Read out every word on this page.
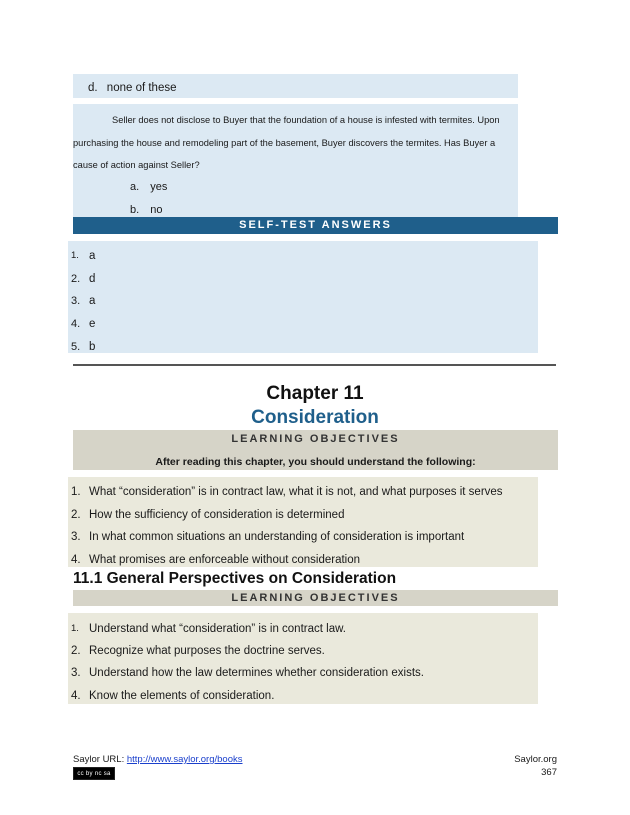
d. none of these
Seller does not disclose to Buyer that the foundation of a house is infested with termites. Upon
purchasing the house and remodeling part of the basement, Buyer discovers the termites. Has Buyer a
cause of action against Seller?
a. yes
b. no
SELF-TEST ANSWERS
1. a
2. d
3. a
4. e
5. b
Chapter 11
Consideration
LEARNING OBJECTIVES
After reading this chapter, you should understand the following:
1. What “consideration” is in contract law, what it is not, and what purposes it serves
2. How the sufficiency of consideration is determined
3. In what common situations an understanding of consideration is important
4. What promises are enforceable without consideration
11.1 General Perspectives on Consideration
LEARNING OBJECTIVES
1. Understand what “consideration” is in contract law.
2. Recognize what purposes the doctrine serves.
3. Understand how the law determines whether consideration exists.
4. Know the elements of consideration.
Saylor URL: http://www.saylor.org/books
cc by nc sa
Saylor.org
367
